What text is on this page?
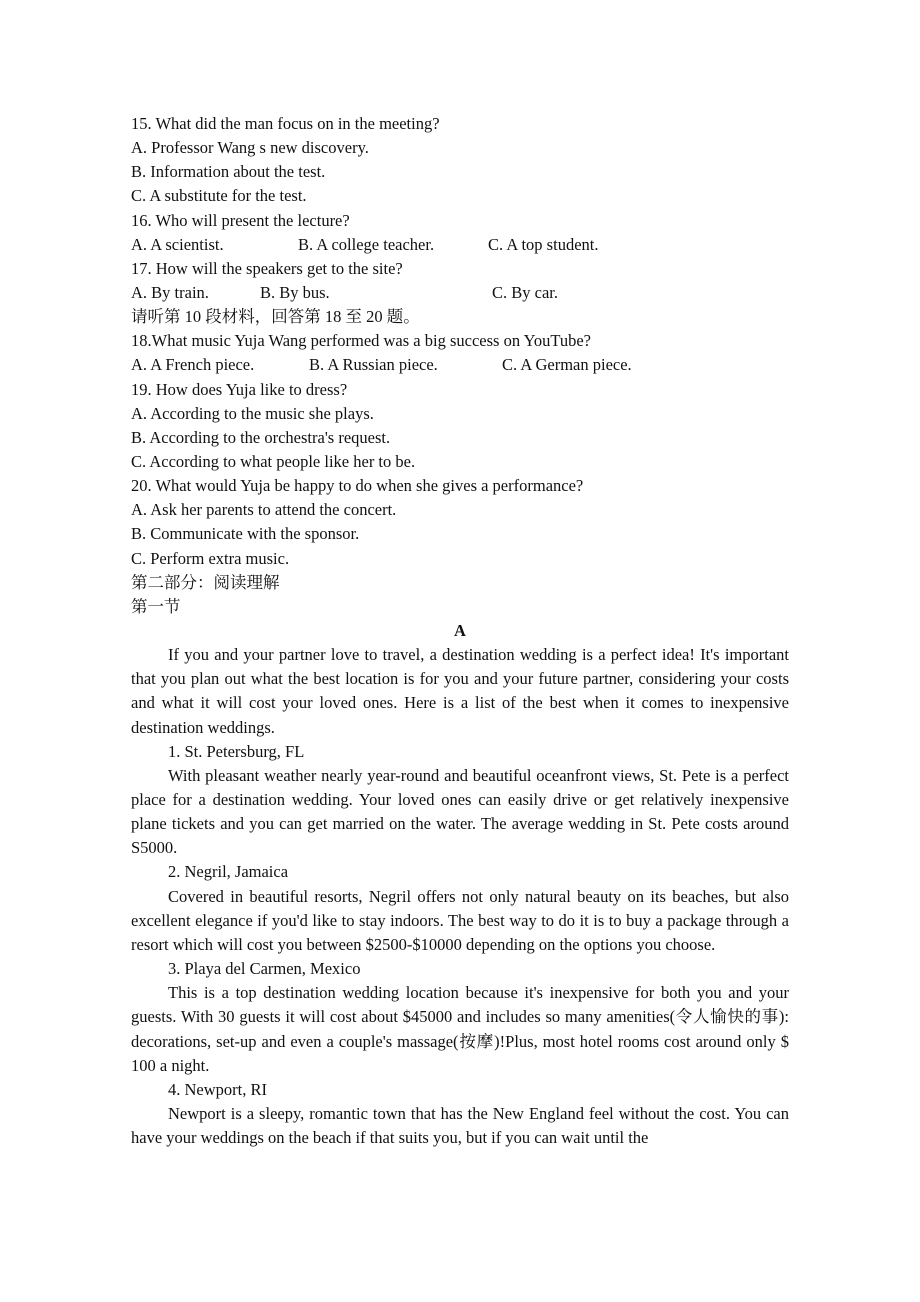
15. What did the man focus on in the meeting?
A. Professor Wang s new discovery.
B. Information about the test.
C. A substitute for the test.
16. Who will present the lecture?
A. A scientist.	B. A college teacher.	C. A top student.
17. How will the speakers get to the site?
A. By train.	B. By bus.	C. By car.
请听第 10 段材料，回答第 18 至 20 题。
18.What music Yuja Wang performed was a big success on YouTube?
A. A French piece.	B. A Russian piece.	C. A German piece.
19. How does Yuja like to dress?
A. According to the music she plays.
B. According to the orchestra's request.
C. According to what people like her to be.
20. What would Yuja be happy to do when she gives a performance?
A. Ask her parents to attend the concert.
B. Communicate with the sponsor.
C. Perform extra music.
第二部分：阅读理解
第一节
A
If you and your partner love to travel, a destination wedding is a perfect idea! It's important that you plan out what the best location is for you and your future partner, considering your costs and what it will cost your loved ones. Here is a list of the best when it comes to inexpensive destination weddings.
1. St. Petersburg, FL
With pleasant weather nearly year-round and beautiful oceanfront views, St. Pete is a perfect place for a destination wedding. Your loved ones can easily drive or get relatively inexpensive plane tickets and you can get married on the water. The average wedding in St. Pete costs around S5000.
2. Negril, Jamaica
Covered in beautiful resorts, Negril offers not only natural beauty on its beaches, but also excellent elegance if you'd like to stay indoors. The best way to do it is to buy a package through a resort which will cost you between $2500-$10000 depending on the options you choose.
3. Playa del Carmen, Mexico
This is a top destination wedding location because it's inexpensive for both you and your guests. With 30 guests it will cost about $45000 and includes so many amenities(令人愉快的事): decorations, set-up and even a couple's massage(按摩)!Plus, most hotel rooms cost around only $ 100 a night.
4. Newport, RI
Newport is a sleepy, romantic town that has the New England feel without the cost. You can have your weddings on the beach if that suits you, but if you can wait until the
